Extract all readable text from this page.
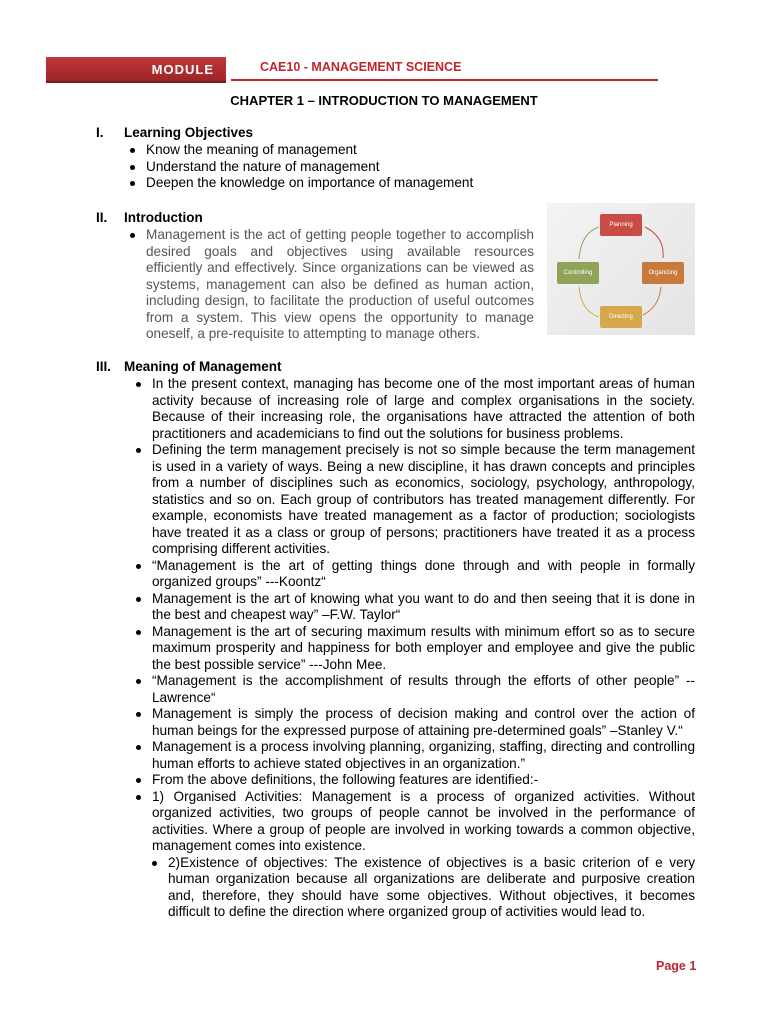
MODULE	CAE10 - MANAGEMENT SCIENCE
CHAPTER 1 – INTRODUCTION TO MANAGEMENT
I. Learning Objectives
Know the meaning of management
Understand the nature of management
Deepen the knowledge on importance of management
II. Introduction
Management is the act of getting people together to accomplish desired goals and objectives using available resources efficiently and effectively. Since organizations can be viewed as systems, management can also be defined as human action, including design, to facilitate the production of useful outcomes from a system. This view opens the opportunity to manage oneself, a pre-requisite to attempting to manage others.
Planning
Organizing
Directing
Controlling
III. Meaning of Management
In the present context, managing has become one of the most important areas of human activity because of increasing role of large and complex organisations in the society. Because of their increasing role, the organisations have attracted the attention of both practitioners and academicians to find out the solutions for business problems.
Defining the term management precisely is not so simple because the term management is used in a variety of ways. Being a new discipline, it has drawn concepts and principles from a number of disciplines such as economics, sociology, psychology, anthropology, statistics and so on. Each group of contributors has treated management differently. For example, economists have treated management as a factor of production; sociologists have treated it as a class or group of persons; practitioners have treated it as a process comprising different activities.
“Management is the art of getting things done through and with people in formally organized groups” ---Koontz“
Management is the art of knowing what you want to do and then seeing that it is done in the best and cheapest way” –F.W. Taylor“
Management is the art of securing maximum results with minimum effort so as to secure maximum prosperity and happiness for both employer and employee and give the public the best possible service” ---John Mee.
“Management is the accomplishment of results through the efforts of other people” --Lawrence“
Management is simply the process of decision making and control over the action of human beings for the expressed purpose of attaining pre-determined goals” –Stanley V.“
Management is a process involving planning, organizing, staffing, directing and controlling human efforts to achieve stated objectives in an organization.”
From the above definitions, the following features are identified:-
1) Organised Activities: Management is a process of organized activities. Without organized activities, two groups of people cannot be involved in the performance of activities. Where a group of people are involved in working towards a common objective, management comes into existence.
2)Existence of objectives: The existence of objectives is a basic criterion of e very human organization because all organizations are deliberate and purposive creation and, therefore, they should have some objectives. Without objectives, it becomes difficult to define the direction where organized group of activities would lead to.
Page 1
